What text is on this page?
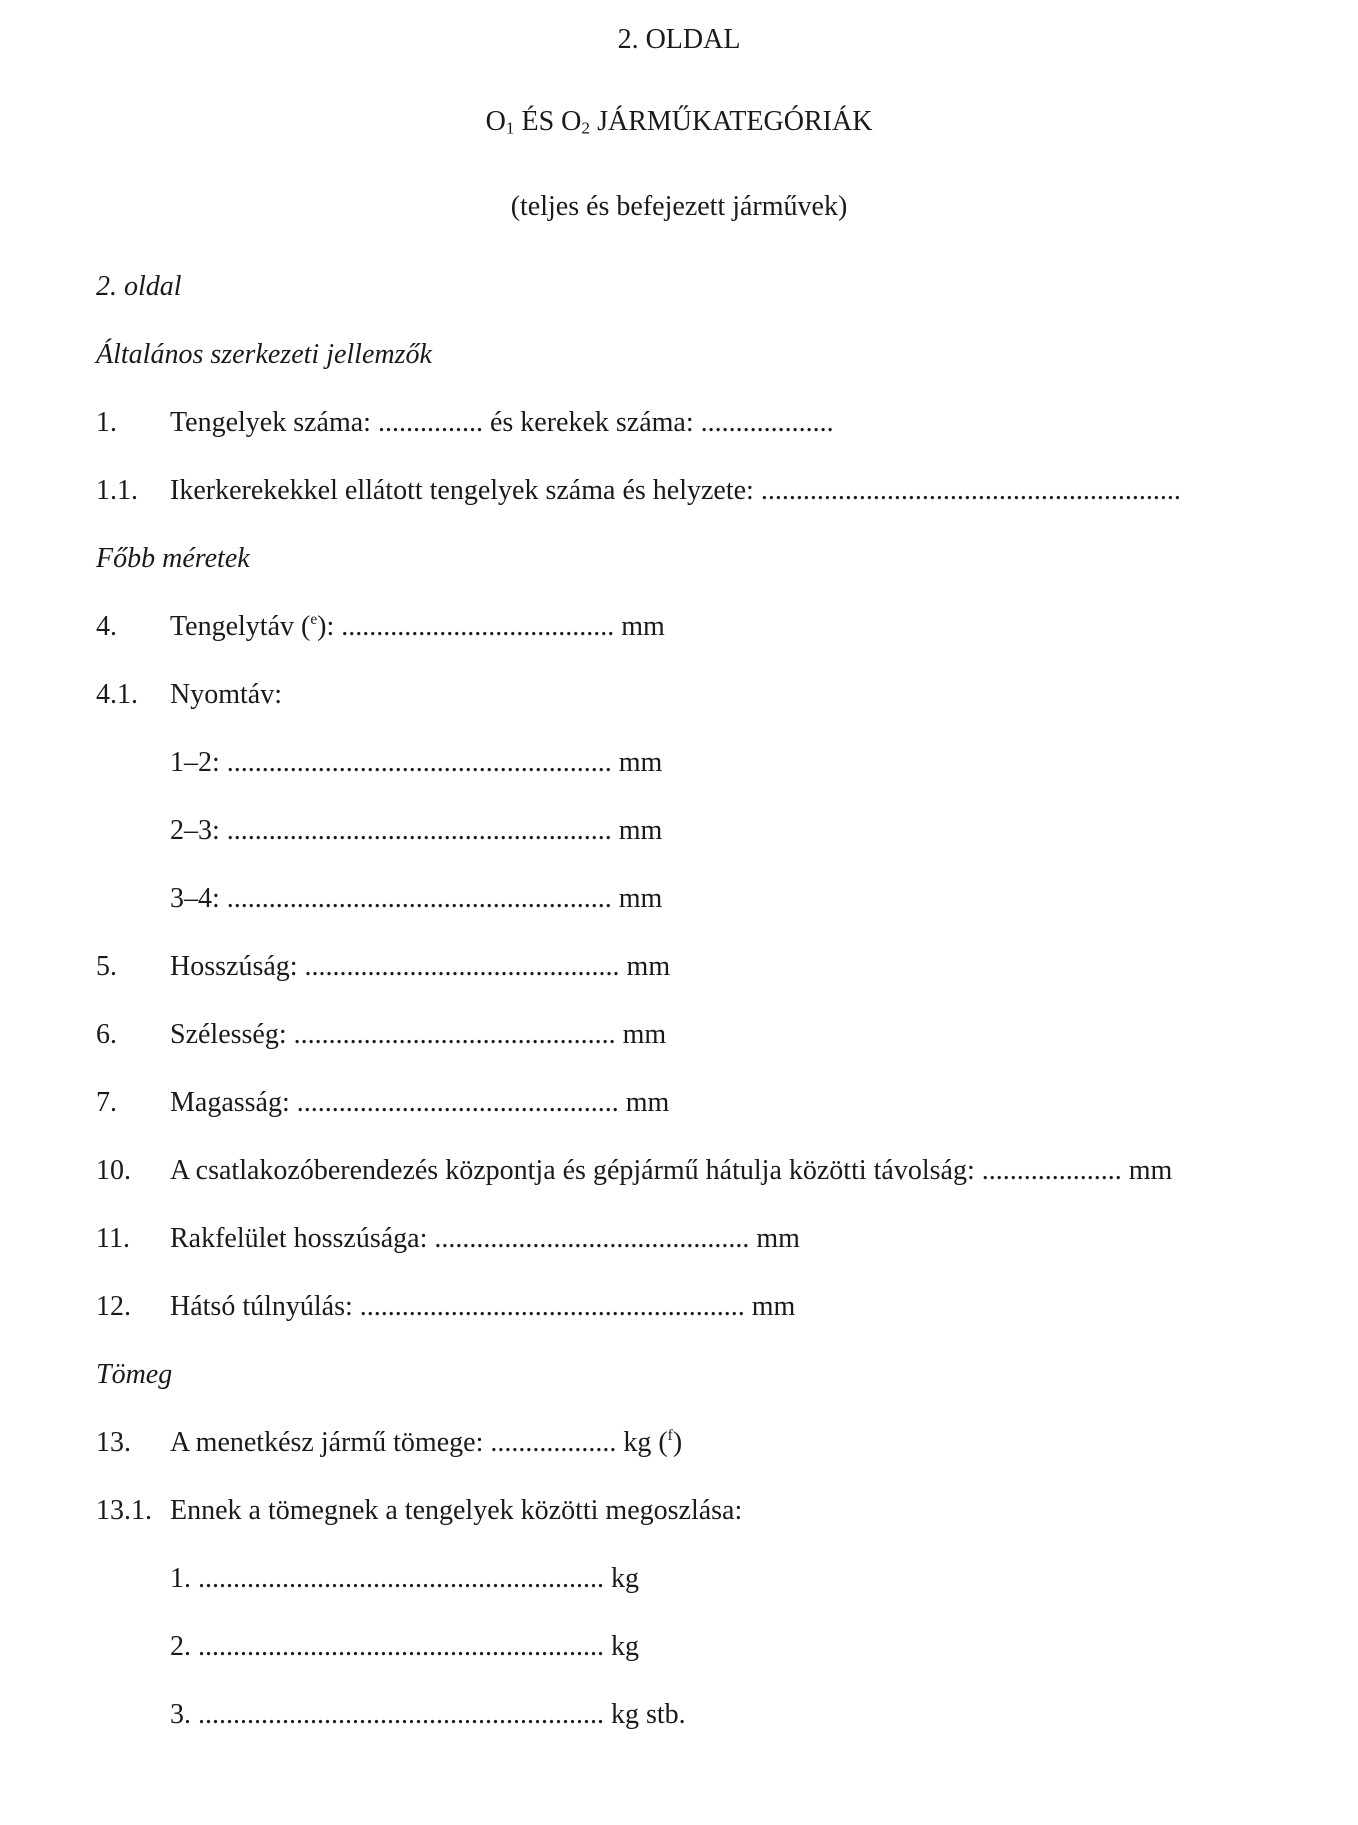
2. OLDAL
$O_1$ ÉS $O_2$ JÁRMŰKATEGÓRIÁK
(teljes és befejezett járművek)
2. oldal
Általános szerkezeti jellemzők
1. Tengelyek száma: ............... és kerekek száma: ...................
1.1. Ikerkerekekkel ellátott tengelyek száma és helyzete: ............................................................
Főbb méretek
4. Tengelytáv ($^e$): ....................................... mm
4.1. Nyomtáv:
1–2: ....................................................... mm
2–3: ....................................................... mm
3–4: ....................................................... mm
5. Hosszúság: ............................................. mm
6. Szélesség: .............................................. mm
7. Magasság: .............................................. mm
10. A csatlakozóberendezés központja és gépjármű hátulja közötti távolság: .................... mm
11. Rakfelület hosszúsága: ............................................. mm
12. Hátsó túlnyúlás: ....................................................... mm
Tömeg
13. A menetkész jármű tömege: .................. kg ($^f$)
13.1. Ennek a tömegnek a tengelyek közötti megoszlása:
1. .......................................................... kg
2. .......................................................... kg
3. .......................................................... kg stb.
